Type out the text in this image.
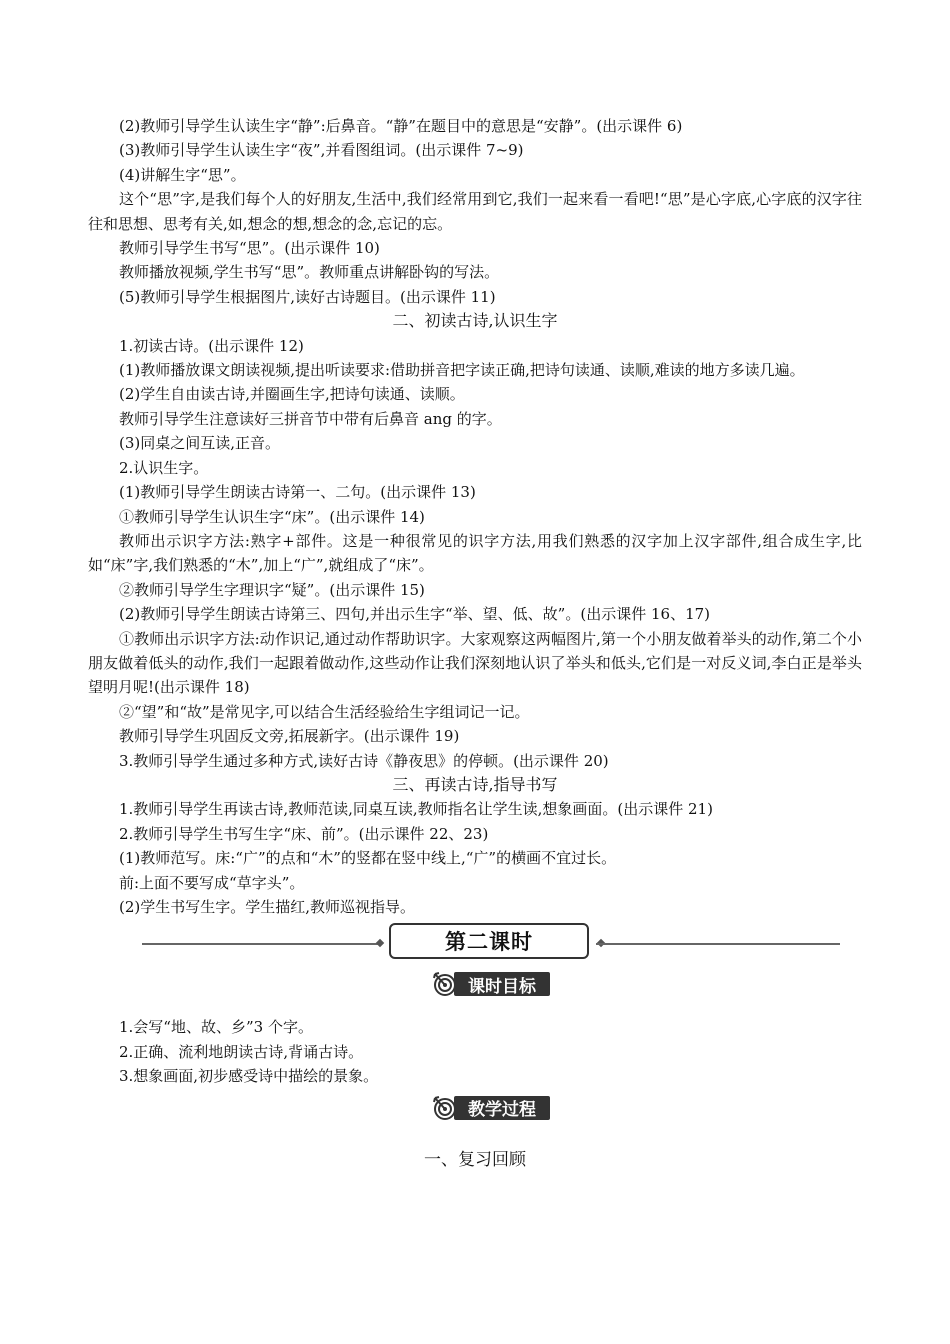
(2)教师引导学生认读生字“静”:后鼻音。“静”在题目中的意思是“安静”。(出示课件 6)

(3)教师引导学生认读生字“夜”,并看图组词。(出示课件 7~9)

(4)讲解生字“思”。

这个“思”字,是我们每个人的好朋友,生活中,我们经常用到它,我们一起来看一看吧!“思”是心字底,心字底的汉字往往和思想、思考有关,如,想念的想,想念的念,忘记的忘。

教师引导学生书写“思”。(出示课件 10)

教师播放视频,学生书写“思”。教师重点讲解卧钩的写法。

(5)教师引导学生根据图片,读好古诗题目。(出示课件 11)

二、初读古诗,认识生字

1.初读古诗。(出示课件 12)

(1)教师播放课文朗读视频,提出听读要求:借助拼音把字读正确,把诗句读通、读顺,难读的地方多读几遍。

(2)学生自由读古诗,并圈画生字,把诗句读通、读顺。

教师引导学生注意读好三拼音节中带有后鼻音 ang 的字。

(3)同桌之间互读,正音。

2.认识生字。

(1)教师引导学生朗读古诗第一、二句。(出示课件 13)

①教师引导学生认识生字“床”。(出示课件 14)

教师出示识字方法:熟字+部件。这是一种很常见的识字方法,用我们熟悉的汉字加上汉字部件,组合成生字,比如“床”字,我们熟悉的“木”,加上“广”,就组成了“床”。

②教师引导学生字理识字“疑”。(出示课件 15)

(2)教师引导学生朗读古诗第三、四句,并出示生字“举、望、低、故”。(出示课件 16、17)

①教师出示识字方法:动作识记,通过动作帮助识字。大家观察这两幅图片,第一个小朋友做着举头的动作,第二个小朋友做着低头的动作,我们一起跟着做动作,这些动作让我们深刻地认识了举头和低头,它们是一对反义词,李白正是举头望明月呢!(出示课件 18)

②“望”和“故”是常见字,可以结合生活经验给生字组词记一记。

教师引导学生巩固反文旁,拓展新字。(出示课件 19)

3.教师引导学生通过多种方式,读好古诗《静夜思》的停顿。(出示课件 20)

三、再读古诗,指导书写

1.教师引导学生再读古诗,教师范读,同桌互读,教师指名让学生读,想象画面。(出示课件 21)

2.教师引导学生书写生字“床、前”。(出示课件 22、23)

(1)教师范写。床:“广”的点和“木”的竖都在竖中线上,“广”的横画不宜过长。

前:上面不要写成“草字头”。

(2)学生书写生字。学生描红,教师巡视指导。

第二课时
课时目标

1.会写“地、故、乡”3 个字。

2.正确、流利地朗读古诗,背诵古诗。

3.想象画面,初步感受诗中描绘的景象。

教学过程

一、复习回顾
